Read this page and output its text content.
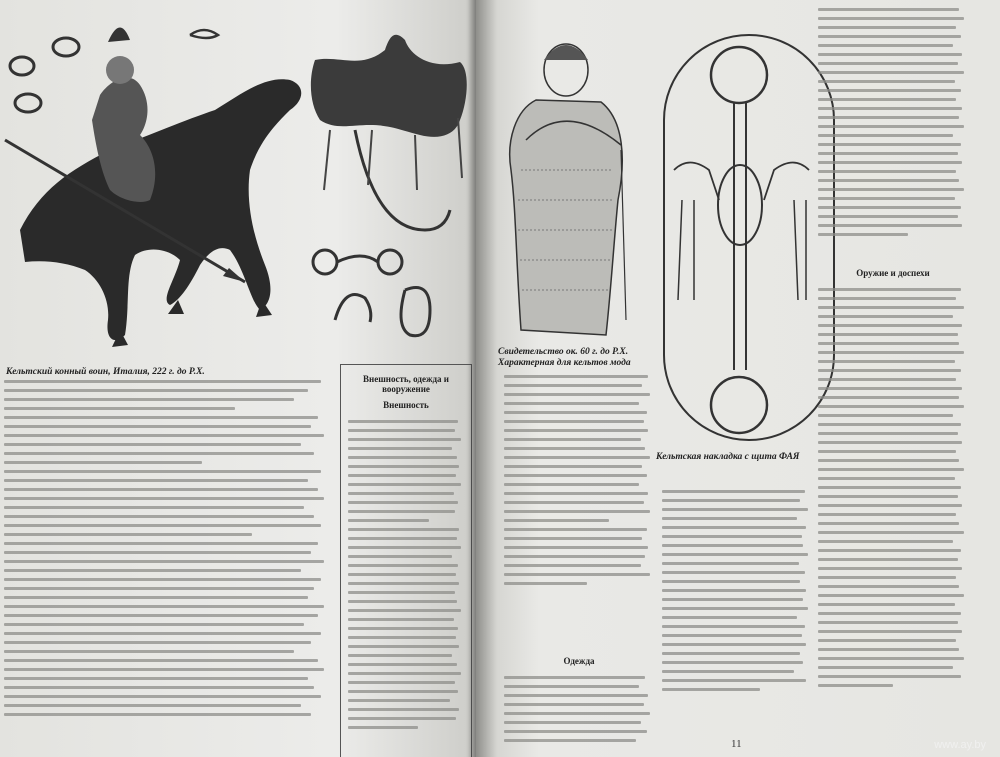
Кельтский конный воин, Италия, 222 г. до Р.Х.
Внешность, одежда и вооружение
Внешность
Свидетельство ок. 60 г. до Р.Х. Характерная для кельтов мода
Кельтская накладка с щита ФАЯ
Одежда
11
Оружие и доспехи
www.ay.by
